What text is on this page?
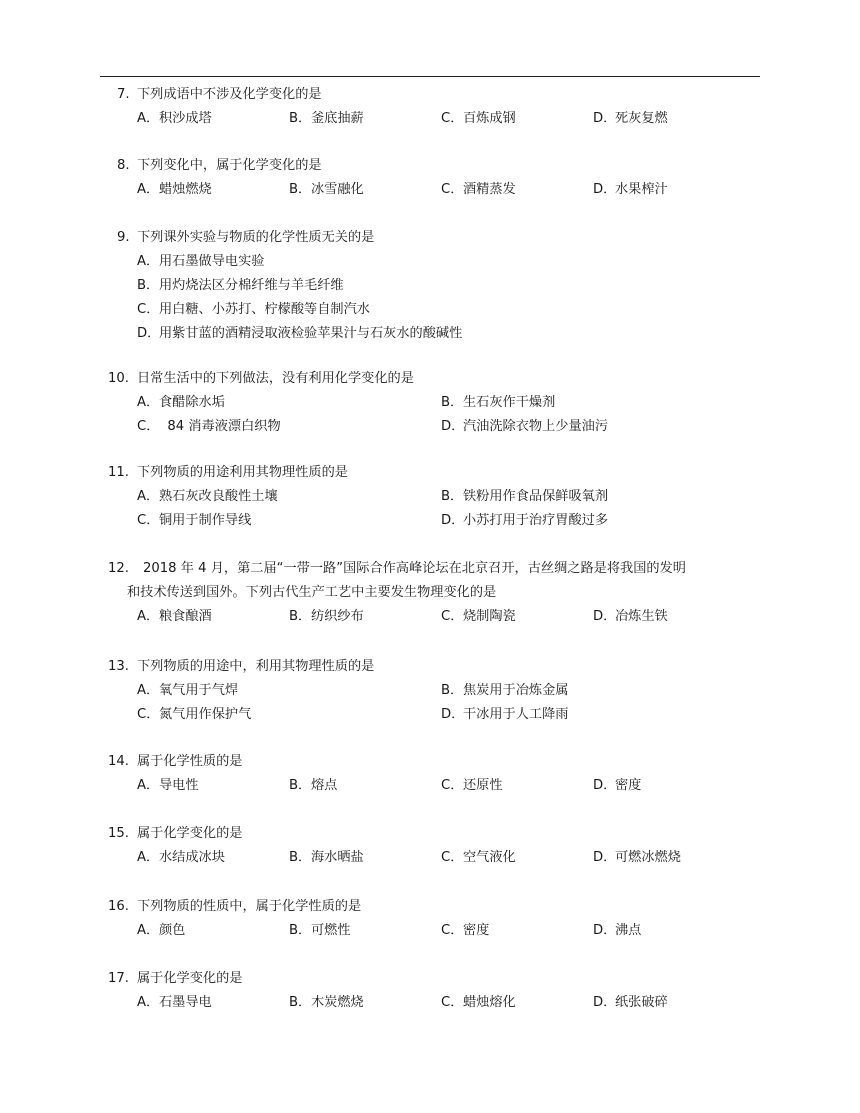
7. 下列成语中不涉及化学变化的是
A．积沙成塔	B．釜底抽薪	C．百炼成钢	D．死灰复燃
8. 下列变化中，属于化学变化的是
A．蜡烛燃烧	B．冰雪融化	C．酒精蒸发	D．水果榨汁
9. 下列课外实验与物质的化学性质无关的是
A．用石墨做导电实验
B．用灼烧法区分棉纤维与羊毛纤维
C．用白糖、小苏打、柠檬酸等自制汽水
D．用紫甘蓝的酒精浸取液检验苹果汁与石灰水的酸碱性
10. 日常生活中的下列做法，没有利用化学变化的是
A．食醋除水垢	B．生石灰作干燥剂
C．  84 消毒液漂白织物	D．汽油洗除衣物上少量油污
11. 下列物质的用途利用其物理性质的是
A．熟石灰改良酸性土壤	B．铁粉用作食品保鲜吸氧剂
C．铜用于制作导线	D．小苏打用于治疗胃酸过多
12. 2018 年 4 月，第二届“一带一路”国际合作高峰论坛在北京召开，古丝绸之路是将我国的发明
和技术传送到国外。下列古代生产工艺中主要发生物理变化的是
A．粮食酿酒	B．纺织纱布	C．烧制陶瓷	D．冶炼生铁
13. 下列物质的用途中，利用其物理性质的是
A．氧气用于气焊	B．焦炭用于冶炼金属
C．氮气用作保护气	D．干冰用于人工降雨
14. 属于化学性质的是
A．导电性	B．熔点	C．还原性	D．密度
15. 属于化学变化的是
A．水结成冰块	B．海水晒盐	C．空气液化	D．可燃冰燃烧
16. 下列物质的性质中，属于化学性质的是
A．颜色	B．可燃性	C．密度	D．沸点
17. 属于化学变化的是
A．石墨导电	B．木炭燃烧	C．蜡烛熔化	D．纸张破碎
